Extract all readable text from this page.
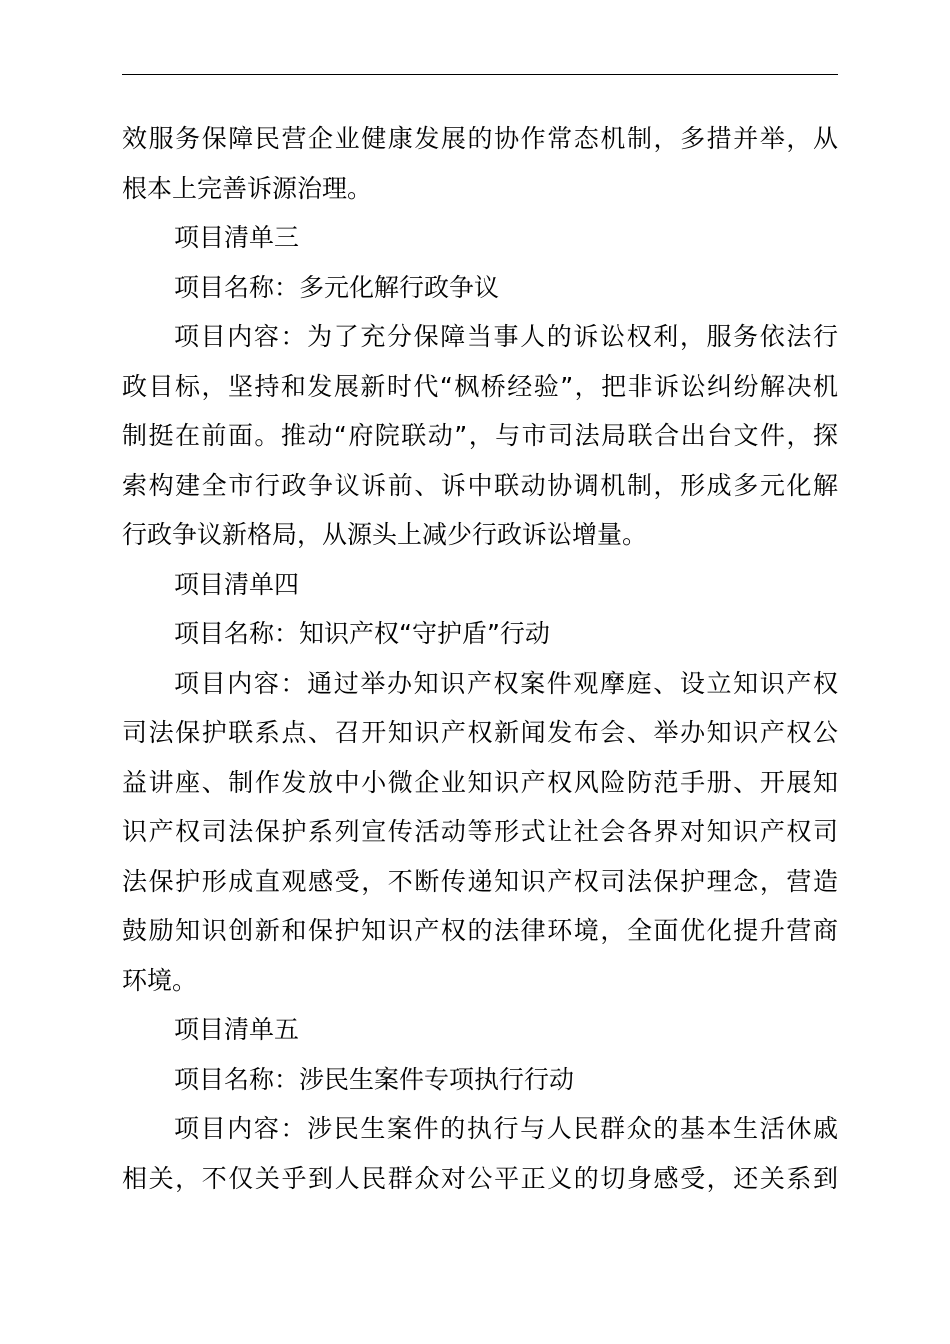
效服务保障民营企业健康发展的协作常态机制，多措并举，从
根本上完善诉源治理。
项目清单三
项目名称：多元化解行政争议
项目内容：为了充分保障当事人的诉讼权利，服务依法行
政目标，坚持和发展新时代“枫桥经验”，把非诉讼纠纷解决机
制挺在前面。推动“府院联动”，与市司法局联合出台文件，探
索构建全市行政争议诉前、诉中联动协调机制，形成多元化解
行政争议新格局，从源头上减少行政诉讼增量。
项目清单四
项目名称：知识产权“守护盾”行动
项目内容：通过举办知识产权案件观摩庭、设立知识产权
司法保护联系点、召开知识产权新闻发布会、举办知识产权公
益讲座、制作发放中小微企业知识产权风险防范手册、开展知
识产权司法保护系列宣传活动等形式让社会各界对知识产权司
法保护形成直观感受，不断传递知识产权司法保护理念，营造
鼓励知识创新和保护知识产权的法律环境，全面优化提升营商
环境。
项目清单五
项目名称：涉民生案件专项执行行动
项目内容：涉民生案件的执行与人民群众的基本生活休戚
相关，不仅关乎到人民群众对公平正义的切身感受，还关系到
